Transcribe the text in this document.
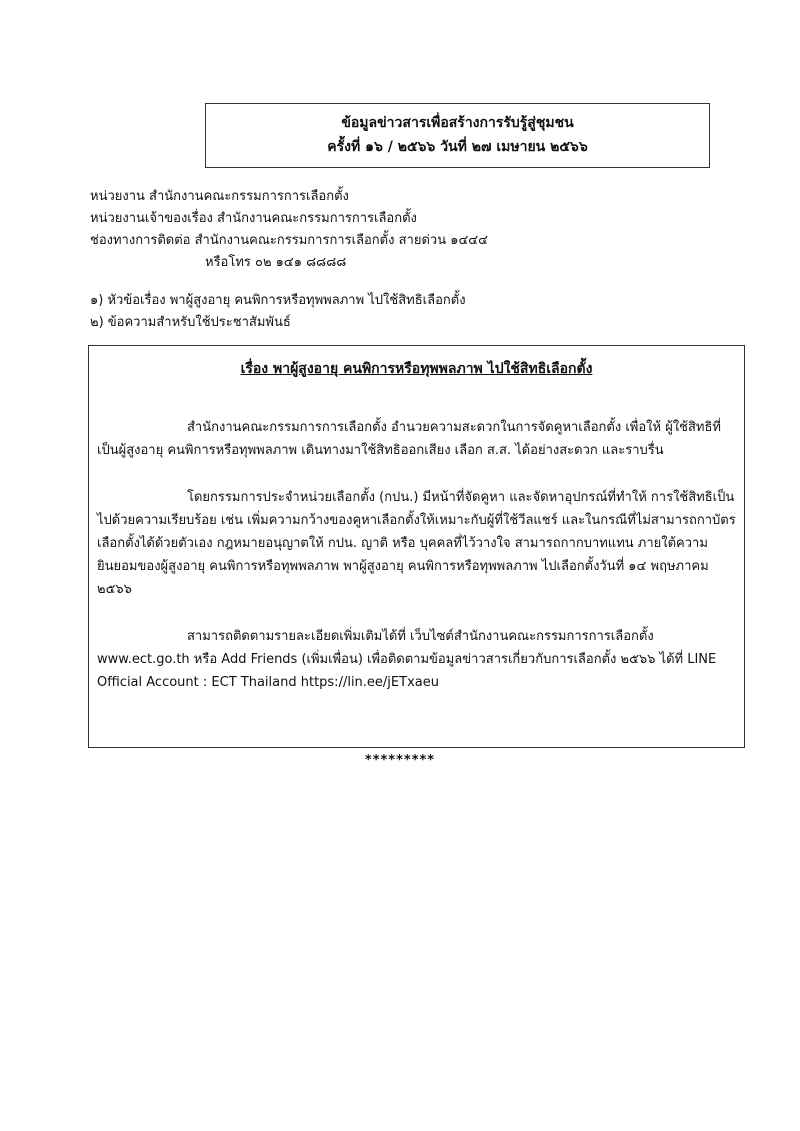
ข้อมูลข่าวสารเพื่อสร้างการรับรู้สู่ชุมชน
ครั้งที่ ๑๖ / ๒๕๖๖ วันที่ ๒๗ เมษายน ๒๕๖๖
หน่วยงาน สำนักงานคณะกรรมการการเลือกตั้ง
หน่วยงานเจ้าของเรื่อง สำนักงานคณะกรรมการการเลือกตั้ง
ช่องทางการติดต่อ สำนักงานคณะกรรมการการเลือกตั้ง สายด่วน ๑๔๔๔
หรือโทร ๐๒ ๑๔๑ ๘๘๘๘
๑) หัวข้อเรื่อง พาผู้สูงอายุ คนพิการหรือทุพพลภาพ ไปใช้สิทธิเลือกตั้ง
๒) ข้อความสำหรับใช้ประชาสัมพันธ์
เรื่อง พาผู้สูงอายุ คนพิการหรือทุพพลภาพ ไปใช้สิทธิเลือกตั้ง

สำนักงานคณะกรรมการการเลือกตั้ง อำนวยความสะดวกในการจัดคูหาเลือกตั้ง เพื่อให้ ผู้ใช้สิทธิที่เป็นผู้สูงอายุ คนพิการหรือทุพพลภาพ เดินทางมาใช้สิทธิออกเสียง เลือก ส.ส. ได้อย่างสะดวก และราบรื่น

โดยกรรมการประจำหน่วยเลือกตั้ง (กปน.) มีหน้าที่จัดคูหา และจัดหาอุปกรณ์ที่ทำให้ การใช้สิทธิเป็นไปด้วยความเรียบร้อย เช่น เพิ่มความกว้างของคูหาเลือกตั้งให้เหมาะกับผู้ที่ใช้วีลแชร์ และในกรณีที่ไม่สามารถกาบัตรเลือกตั้งได้ด้วยตัวเอง กฎหมายอนุญาตให้ กปน. ญาติ หรือ บุคคลที่ไว้วางใจ สามารถกากบาทแทน ภายใต้ความยินยอมของผู้สูงอายุ คนพิการหรือทุพพลภาพ พาผู้สูงอายุ คนพิการหรือทุพพลภาพ ไปเลือกตั้งวันที่ ๑๔ พฤษภาคม ๒๕๖๖

สามารถติดตามรายละเอียดเพิ่มเติมได้ที่ เว็บไซต์สำนักงานคณะกรรมการการเลือกตั้ง www.ect.go.th หรือ Add Friends (เพิ่มเพื่อน) เพื่อติดตามข้อมูลข่าวสารเกี่ยวกับการเลือกตั้ง ๒๕๖๖ ได้ที่ LINE Official Account : ECT Thailand https://lin.ee/jETxaeu

*********
